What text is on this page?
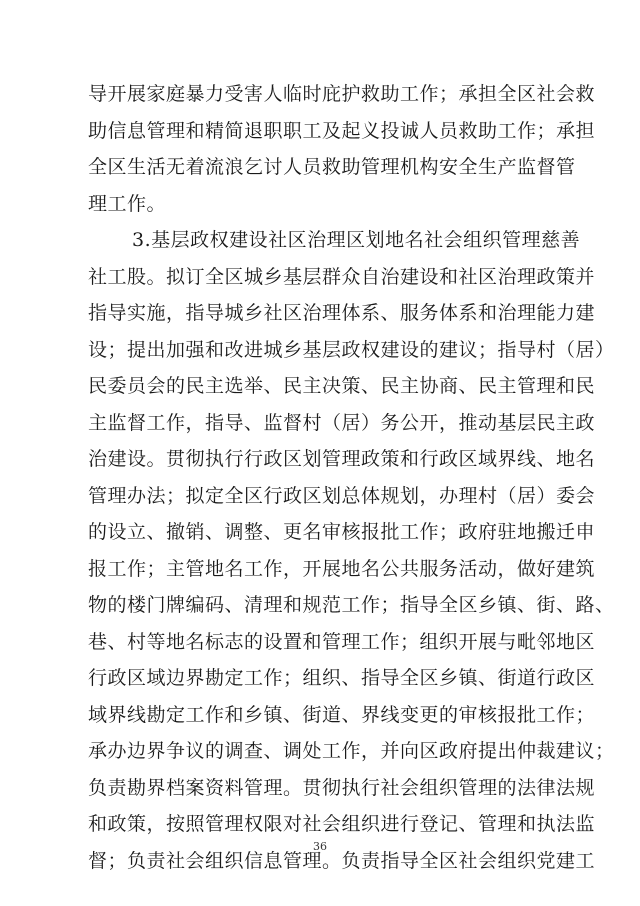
导开展家庭暴力受害人临时庇护救助工作；承担全区社会救
助信息管理和精简退职职工及起义投诚人员救助工作；承担
全区生活无着流浪乞讨人员救助管理机构安全生产监督管
理工作。
3.基层政权建设社区治理区划地名社会组织管理慈善
社工股。拟订全区城乡基层群众自治建设和社区治理政策并
指导实施，指导城乡社区治理体系、服务体系和治理能力建
设；提出加强和改进城乡基层政权建设的建议；指导村（居）
民委员会的民主选举、民主决策、民主协商、民主管理和民
主监督工作，指导、监督村（居）务公开，推动基层民主政
治建设。贯彻执行行政区划管理政策和行政区域界线、地名
管理办法；拟定全区行政区划总体规划，办理村（居）委会
的设立、撤销、调整、更名审核报批工作；政府驻地搬迁申
报工作；主管地名工作，开展地名公共服务活动，做好建筑
物的楼门牌编码、清理和规范工作；指导全区乡镇、街、路、
巷、村等地名标志的设置和管理工作；组织开展与毗邻地区
行政区域边界勘定工作；组织、指导全区乡镇、街道行政区
域界线勘定工作和乡镇、街道、界线变更的审核报批工作；
承办边界争议的调查、调处工作，并向区政府提出仲裁建议；
负责勘界档案资料管理。贯彻执行社会组织管理的法律法规
和政策，按照管理权限对社会组织进行登记、管理和执法监
督；负责社会组织信息管理。负责指导全区社会组织党建工
36
